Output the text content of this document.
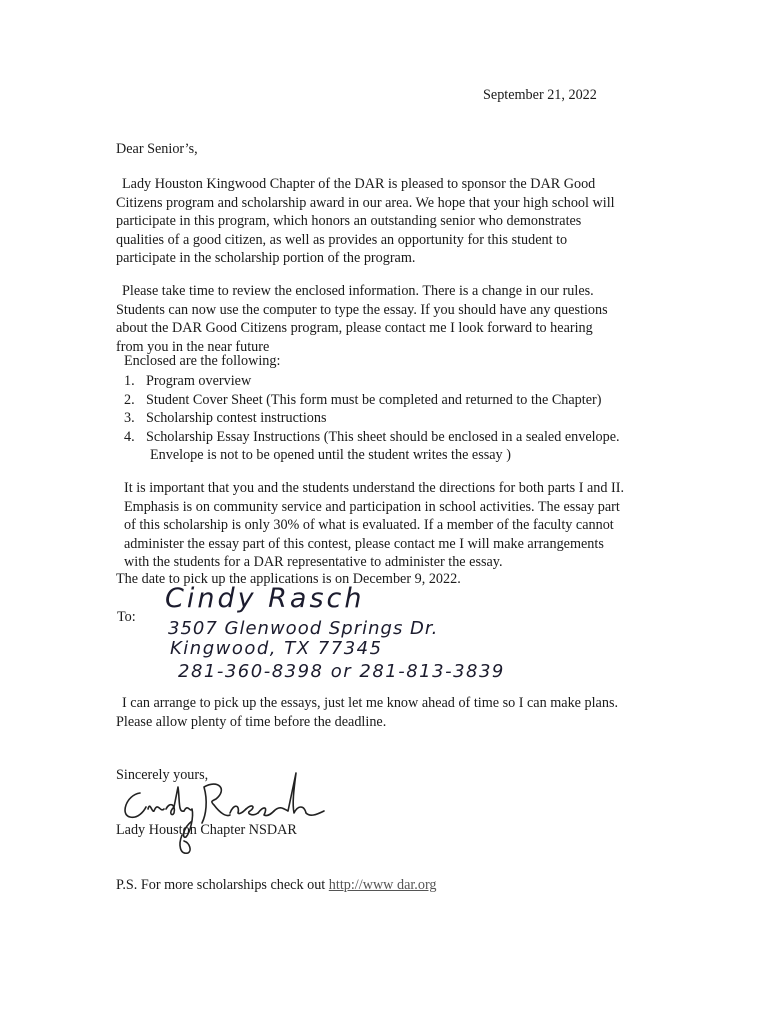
September 21, 2022
Dear Senior’s,
Lady Houston Kingwood Chapter of the DAR is pleased to sponsor the DAR Good
Citizens program and scholarship award in our area. We hope that your high school will
participate in this program, which honors an outstanding senior who demonstrates
qualities of a good citizen, as well as provides an opportunity for this student to
participate in the scholarship portion of the program.
Please take time to review the enclosed information. There is a change in our rules.
Students can now use the computer to type the essay. If you should have any questions
about the DAR Good Citizens program, please contact me I look forward to hearing
from you in the near future
Enclosed are the following:
1. Program overview
2. Student Cover Sheet (This form must be completed and returned to the Chapter)
3. Scholarship contest instructions
4. Scholarship Essay Instructions (This sheet should be enclosed in a sealed envelope.
Envelope is not to be opened until the student writes the essay )
It is important that you and the students understand the directions for both parts I and II.
Emphasis is on community service and participation in school activities. The essay part
of this scholarship is only 30% of what is evaluated. If a member of the faculty cannot
administer the essay part of this contest, please contact me I will make arrangements
with the students for a DAR representative to administer the essay.
The date to pick up the applications is on December 9, 2022.
To:
Cindy Rasch
3507 Glenwood Springs Dr.
Kingwood, TX 77345
281-360-8398 or 281-813-3839
I can arrange to pick up the essays, just let me know ahead of time so I can make plans.
Please allow plenty of time before the deadline.
Sincerely yours,
Lady Houston Chapter NSDAR
P.S. For more scholarships check out http://www dar.org
